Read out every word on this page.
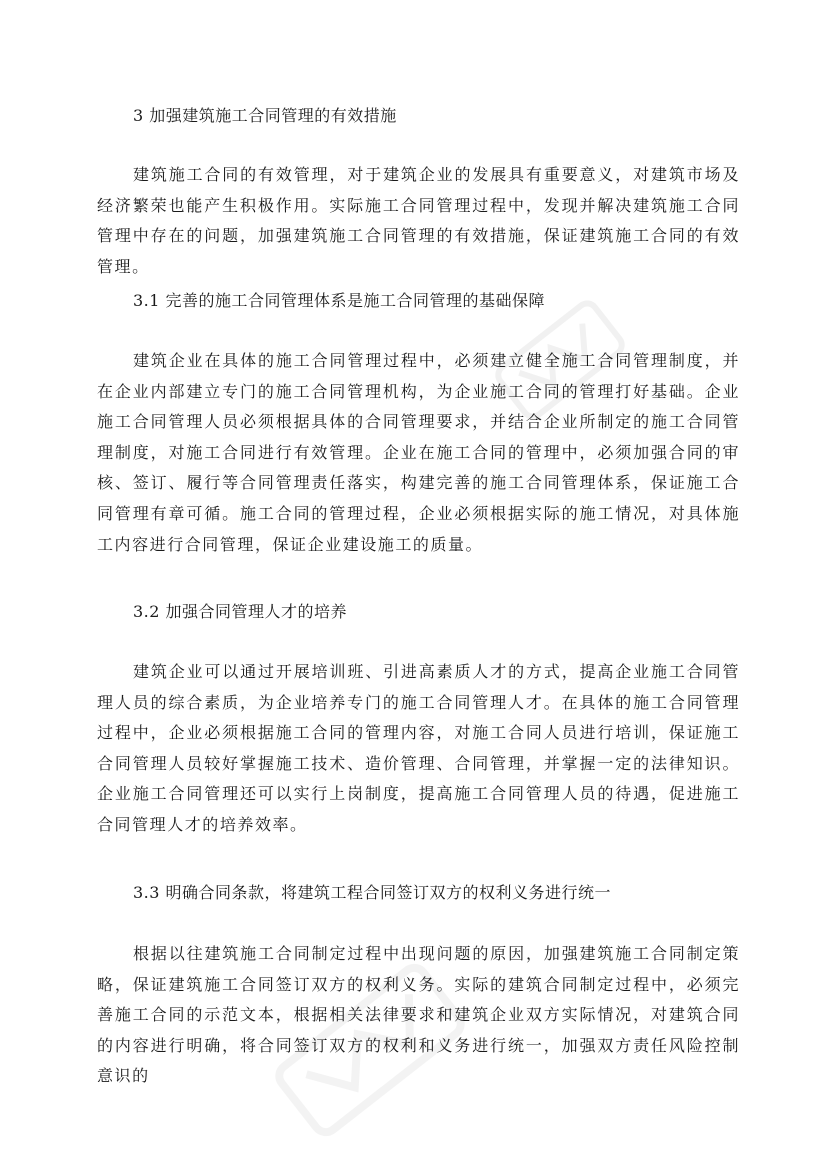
3 加强建筑施工合同管理的有效措施
建筑施工合同的有效管理，对于建筑企业的发展具有重要意义，对建筑市场及经济繁荣也能产生积极作用。实际施工合同管理过程中，发现并解决建筑施工合同管理中存在的问题，加强建筑施工合同管理的有效措施，保证建筑施工合同的有效管理。
3.1 完善的施工合同管理体系是施工合同管理的基础保障
建筑企业在具体的施工合同管理过程中，必须建立健全施工合同管理制度，并在企业内部建立专门的施工合同管理机构，为企业施工合同的管理打好基础。企业施工合同管理人员必须根据具体的合同管理要求，并结合企业所制定的施工合同管理制度，对施工合同进行有效管理。企业在施工合同的管理中，必须加强合同的审核、签订、履行等合同管理责任落实，构建完善的施工合同管理体系，保证施工合同管理有章可循。施工合同的管理过程，企业必须根据实际的施工情况，对具体施工内容进行合同管理，保证企业建设施工的质量。
3.2 加强合同管理人才的培养
建筑企业可以通过开展培训班、引进高素质人才的方式，提高企业施工合同管理人员的综合素质，为企业培养专门的施工合同管理人才。在具体的施工合同管理过程中，企业必须根据施工合同的管理内容，对施工合同人员进行培训，保证施工合同管理人员较好掌握施工技术、造价管理、合同管理，并掌握一定的法律知识。企业施工合同管理还可以实行上岗制度，提高施工合同管理人员的待遇，促进施工合同管理人才的培养效率。
3.3 明确合同条款，将建筑工程合同签订双方的权利义务进行统一
根据以往建筑施工合同制定过程中出现问题的原因，加强建筑施工合同制定策略，保证建筑施工合同签订双方的权利义务。实际的建筑合同制定过程中，必须完善施工合同的示范文本，根据相关法律要求和建筑企业双方实际情况，对建筑合同的内容进行明确，将合同签订双方的权利和义务进行统一，加强双方责任风险控制意识的
